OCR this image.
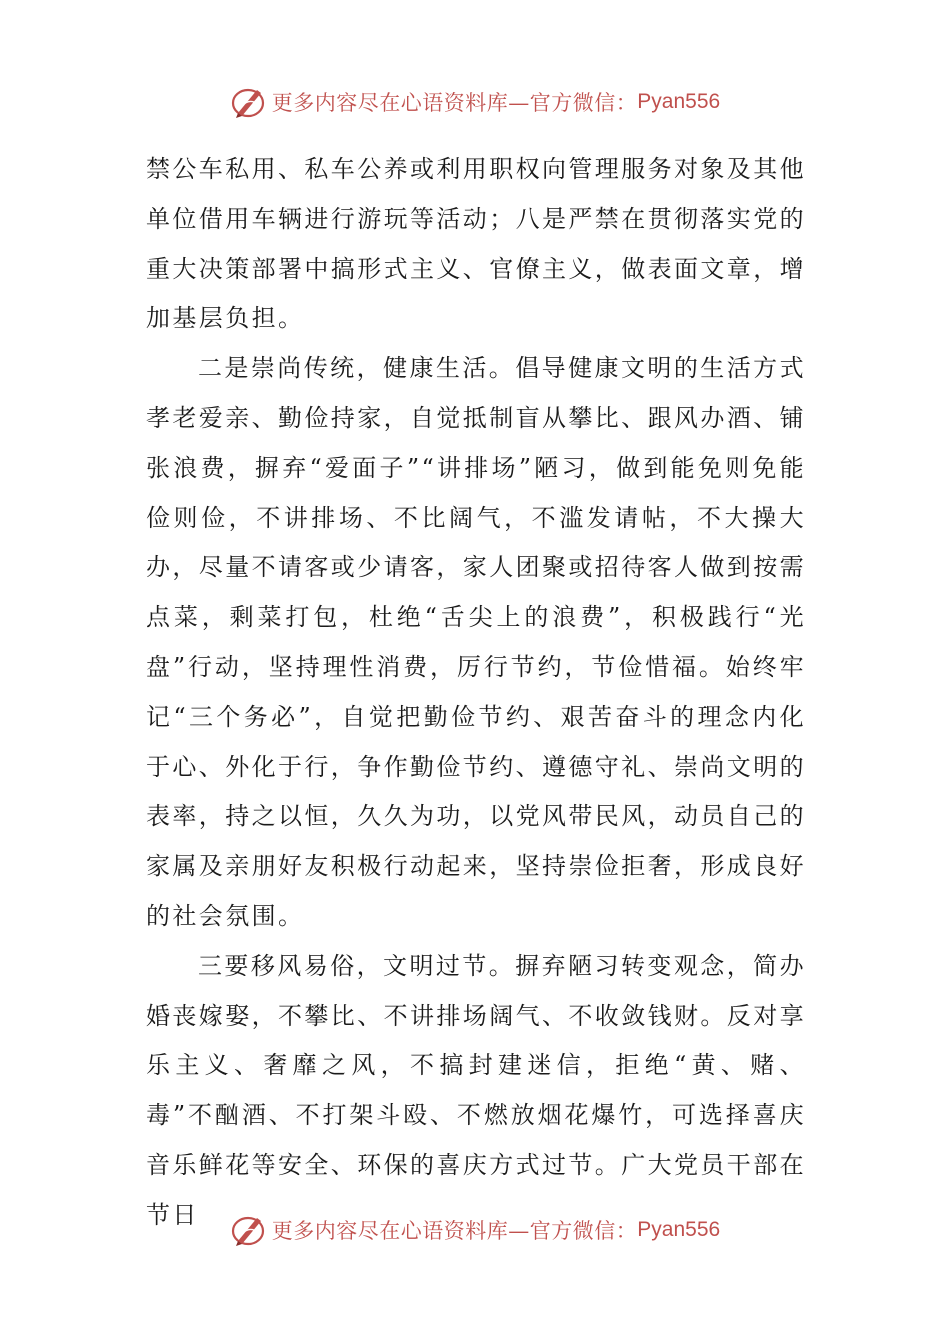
更多内容尽在心语资料库—官方微信： Pyan556

禁公车私用、私车公养或利用职权向管理服务对象及其他单位借用车辆进行游玩等活动；八是严禁在贯彻落实党的重大决策部署中搞形式主义、官僚主义，做表面文章，增加基层负担。

二是崇尚传统，健康生活。倡导健康文明的生活方式孝老爱亲、勤俭持家，自觉抵制盲从攀比、跟风办酒、铺张浪费，摒弃“爱面子”“讲排场”陋习，做到能免则免能俭则俭，不讲排场、不比阔气，不滥发请帖，不大操大办，尽量不请客或少请客，家人团聚或招待客人做到按需点菜，剩菜打包，杜绝“舌尖上的浪费”，积极践行“光盘”行动，坚持理性消费，厉行节约，节俭惜福。始终牢记“三个务必”，自觉把勤俭节约、艰苦奋斗的理念内化于心、外化于行，争作勤俭节约、遵德守礼、崇尚文明的表率，持之以恒，久久为功，以党风带民风，动员自己的家属及亲朋好友积极行动起来，坚持崇俭拒奢，形成良好的社会氛围。

三要移风易俗，文明过节。摒弃陋习转变观念，简办婚丧嫁娶，不攀比、不讲排场阔气、不收敛钱财。反对享乐主义、奢靡之风，不搞封建迷信，拒绝“黄、赌、毒”不酗酒、不打架斗殴、不燃放烟花爆竹，可选择喜庆音乐鲜花等安全、环保的喜庆方式过节。广大党员干部在节日

更多内容尽在心语资料库—官方微信： Pyan556
